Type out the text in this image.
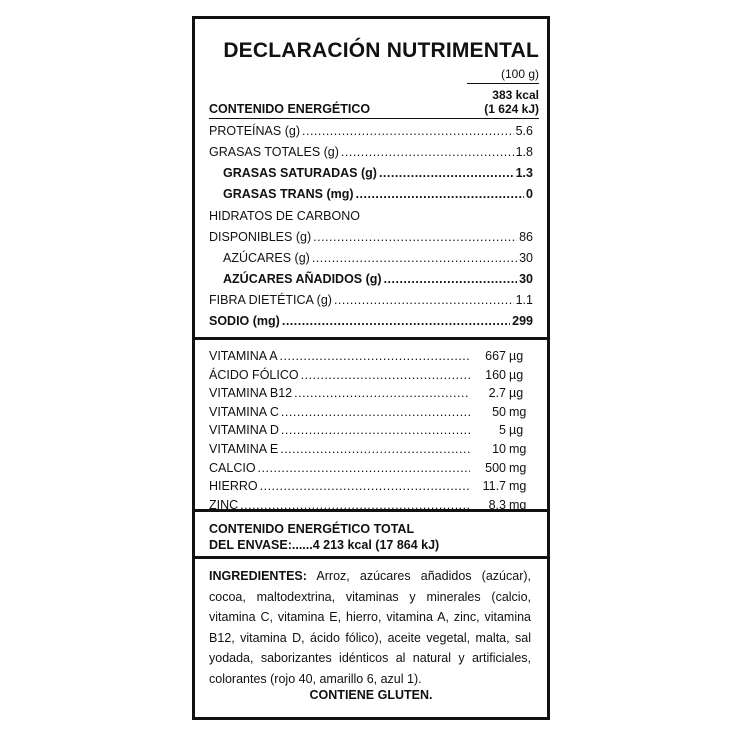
DECLARACIÓN NUTRIMENTAL
(100 g)
383 kcal
(1 624 kJ)
CONTENIDO ENERGÉTICO
PROTEÍNAS (g) .....	5.6
GRASAS TOTALES (g) .....	1.8
GRASAS SATURADAS (g) .....	1.3
GRASAS TRANS (mg) .....	0
HIDRATOS DE CARBONO
DISPONIBLES (g) .....	86
AZÚCARES (g) .....	30
AZÚCARES AÑADIDOS (g) .....	30
FIBRA DIETÉTICA (g) .....	1.1
SODIO (mg) .....	299
VITAMINA A .....	667 µg
ÁCIDO FÓLICO .....	160 µg
VITAMINA B12 .....	2.7 µg
VITAMINA C .....	50 mg
VITAMINA D .....	5 µg
VITAMINA E .....	10 mg
CALCIO .....	500 mg
HIERRO .....	11.7 mg
ZINC .....	8.3 mg
CONTENIDO ENERGÉTICO TOTAL
DEL ENVASE:......4 213 kcal (17 864 kJ)
INGREDIENTES: Arroz, azúcares añadidos (azúcar), cocoa, maltodextrina, vitaminas y minerales (calcio, vitamina C, vitamina E, hierro, vitamina A, zinc, vitamina B12, vitamina D, ácido fólico), aceite vegetal, malta, sal yodada, saborizantes idénticos al natural y artificiales, colorantes (rojo 40, amarillo 6, azul 1).
CONTIENE GLUTEN.
